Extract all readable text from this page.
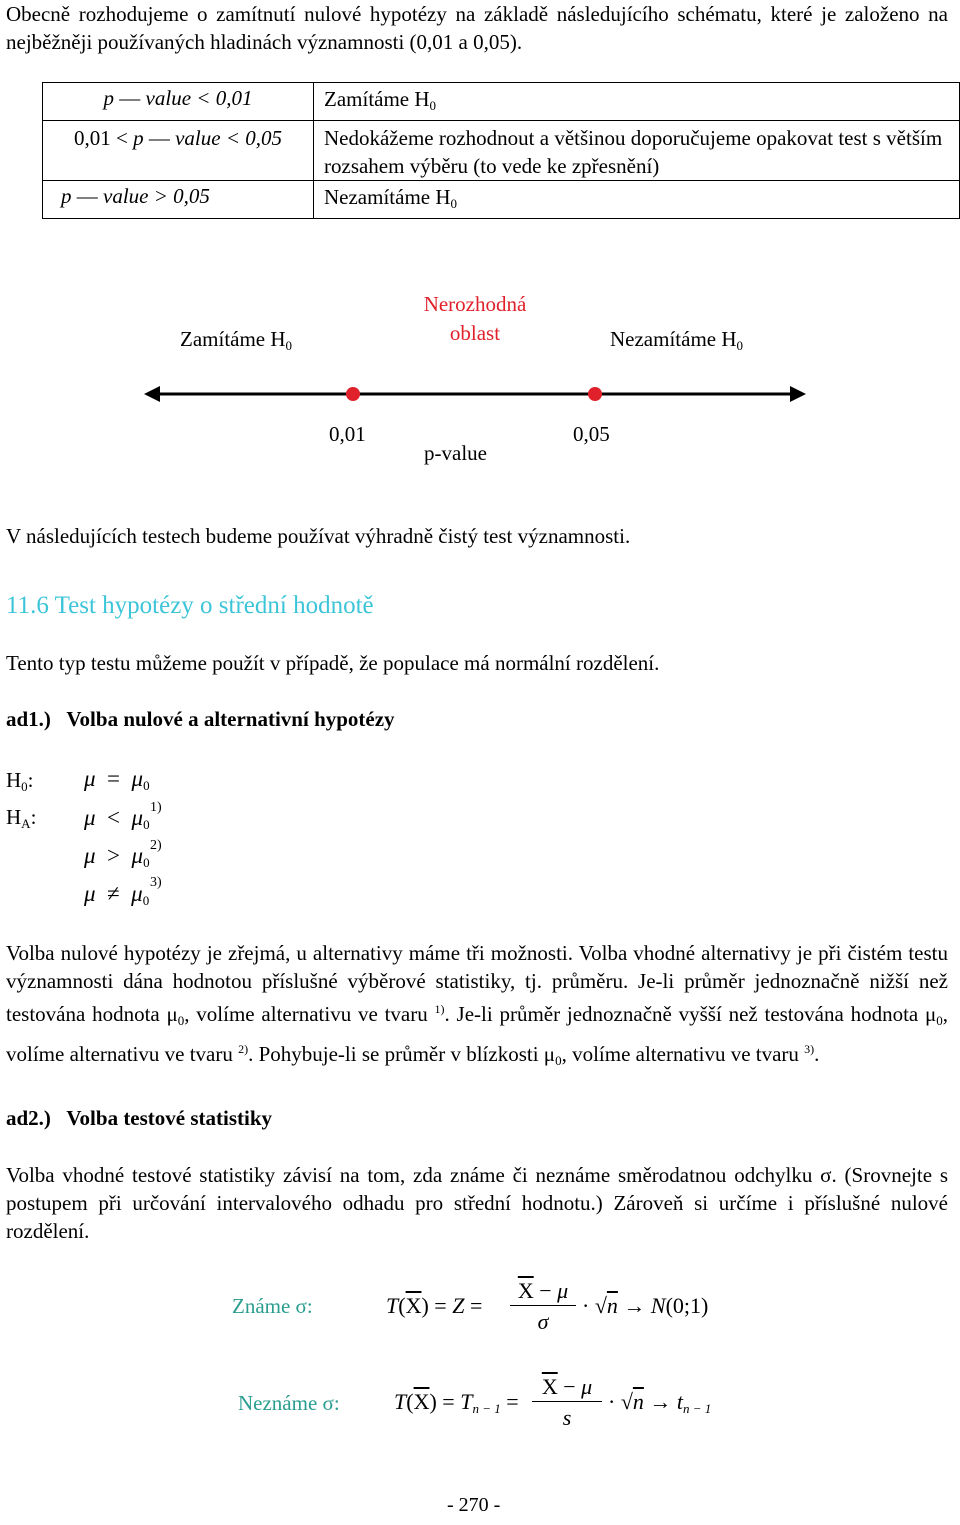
Obecně rozhodujeme o zamítnutí nulové hypotézy na základě následujícího schématu, které je založeno na nejběžněji používaných hladinách významnosti (0,01 a 0,05).
p — value < 0,01	Zamítáme $H_0$
0,01 < p — value < 0,05	Nedokážeme rozhodnout a většinou doporučujeme opakovat test s větším rozsahem výběru (to vede ke zpřesnění)
p — value > 0,05	Nezamítáme $H_0$
Zamítáme $H_0$
Nerozhodná
oblast	Nezamítáme $H_0$
0,01	0,05
p-value
V následujících testech budeme používat výhradně čistý test významnosti.
11.6 Test hypotézy o střední hodnotě
Tento typ testu můžeme použít v případě, že populace má normální rozdělení.
ad1.) Volba nulové a alternativní hypotézy
$H_0$: $\mu = \mu_0$
$H_A$: $\mu < \mu_0$
1)
$\mu > \mu_0$
2)
$\mu \ne \mu_0$
3)
Volba nulové hypotézy je zřejmá, u alternativy máme tři možnosti. Volba vhodné alternativy je při čistém testu významnosti dána hodnotou příslušné výběrové statistiky, tj. průměru. Je-li průměr jednoznačně nižší než testována hodnota $\mu_0$, volíme alternativu ve tvaru $^{1)}$. Je-li průměr jednoznačně vyšší než testována hodnota $\mu_0$, volíme alternativu ve tvaru $^{2)}$. Pohybuje-li se průměr v blízkosti $\mu_0$, volíme alternativu ve tvaru $^{3)}$.
ad2.) Volba testové statistiky
Volba vhodné testové statistiky závisí na tom, zda známe či neznáme směrodatnou odchylku σ. (Srovnejte s postupem při určování intervalového odhadu pro střední hodnotu.) Zároveň si určíme i příslušné nulové rozdělení.
Známe σ:	$T(\overline{X}) = Z$ =
$\overline{X} - \mu$
σ
· √n → N(0;1)
Neznáme σ: $T(\overline{X}) = T_{n - 1}$ =
$\overline{X} - \mu$
s
· $√n \to t_{n - 1}$
- 270 -
